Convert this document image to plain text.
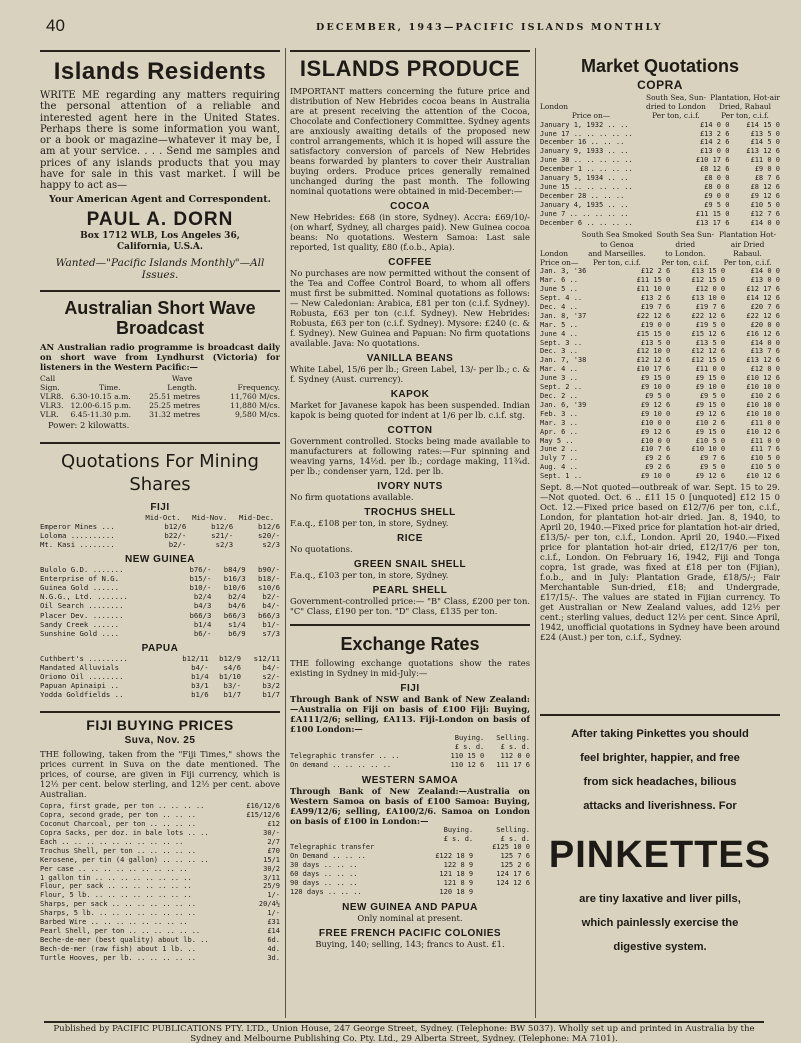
40	DECEMBER, 1943—PACIFIC ISLANDS MONTHLY
Islands Residents

WRITE ME regarding any matters requiring the personal attention of a reliable and interested agent here in the United States. Perhaps there is some information you want, or a book or magazine—whatever it may be, I am at your service. . . . Send me samples and prices of any islands products that you may have for sale in this vast market. I will be happy to act as—

Your American Agent and Correspondent.
PAUL A. DORN
Box 1712 WLB, Los Angeles 36,
California, U.S.A.
Wanted—"Pacific Islands Monthly"—All Issues.
Australian Short Wave
Broadcast

AN Australian radio programme is broadcast daily on short wave from Lyndhurst (Victoria) for listeners in the Western Pacific:—

Call		Wave	
Sign.	Time.	Length.	Frequency.
VLR8.	6.30-10.15 a.m.	25.51 metres	11,760 M/cs.
VLR3.	12.00-6.15 p.m.	25.25 metres	11,880 M/cs.
VLR.	6.45-11.30 p.m.	31.32 metres	9,580 M/cs.

Power: 2 kilowatts.

Quotations For Mining
Shares
FIJI
	Mid-Oct.	Mid-Nov.	Mid-Dec.
Emperor Mines ...	b12/6	b12/6	b12/6
Loloma ..........	b22/-	s21/-	s20/-
Mt. Kasi ........	b2/-	s2/3	s2/3
NEW GUINEA
Bulolo G.D. .......	b76/-	b84/9	b90/-
Enterprise of N.G.	b15/-	b16/3	b18/-
Guinea Gold ......	b10/-	b10/6	s10/6
N.G.G., Ltd. .......	b2/4	b2/4	b2/-
Oil Search ........	b4/3	b4/6	b4/-
Placer Dev. .......	b66/3	b66/3	b66/3
Sandy Creek ......	b1/4	s1/4	b1/-
Sunshine Gold ....	b6/-	b6/9	s7/3
PAPUA
Cuthbert's .........	b12/11	b12/9	s12/11
Mandated Alluvials	b4/-	s4/6	b4/-
Oriomo Oil ........	b1/4	b1/10	s2/-
Papuan Apinaipi ..	b3/1	b3/-	b3/2
Yodda Goldfields ..	b1/6	b1/7	b1/7
FIJI BUYING PRICES
Suva, Nov. 25

THE following, taken from the "Fiji Times," shows the prices current in Suva on the date mentioned. The prices, of course, are given in Fiji currency, which is 12½ per cent. below sterling, and 12½ per cent. above Australian.

Copra, first grade, per ton .. .. .. ..	£16/12/6
Copra, second grade, per ton .. .. ..	£15/12/6
Coconut Charcoal, per ton .. .. .. ..	£12
Copra Sacks, per doz. in bale lots .. ..	30/-
Each .. .. .. .. .. .. .. .. .. ..	2/7
Trochus Shell, per ton .. .. .. .. ..	£70
Kerosene, per tin (4 gallon) .. .. .. ..	15/1
Per case .. .. .. .. .. .. .. .. ..	30/2
1 gallon tin .. .. .. .. .. .. .. ..	3/11
Flour, per sack .. .. .. .. .. .. ..	25/9
Flour, 5 lb. .. .. .. .. .. .. .. ..	1/-
Sharps, per sack .. .. .. .. .. .. ..	20/4½
Sharps, 5 lb. .. .. .. .. .. .. .. ..	1/-
Barbed Wire .. .. .. .. .. .. .. ..	£31
Pearl Shell, per ton .. .. .. .. .. ..	£14
Beche-de-mer (best quality) about lb. ..	6d.
Bech-de-mer (raw fish) about 1 lb. ..	4d.
Turtle Hooves, per lb. .. .. .. .. ..	3d.
ISLANDS PRODUCE

IMPORTANT matters concerning the future price and distribution of New Hebrides cocoa beans in Australia are at present receiving the attention of the Cocoa, Chocolate and Confectionery Committee. Sydney agents are anxiously awaiting details of the proposed new control arrangements, which it is hoped will assure the satisfactory conversion of parcels of New Hebrides beans forwarded by planters to cover their Australian buying orders. Produce prices generally remained unchanged during the past month. The following nominal quotations were obtained in mid-December:—

COCOA

New Hebrides: £68 (in store, Sydney). Accra: £69/10/- (on wharf, Sydney, all charges paid). New Guinea cocoa beans: No quotations. Western Samoa: Last sale reported, 1st quality, £80 (f.o.b., Apia).

COFFEE

No purchases are now permitted without the consent of the Tea and Coffee Control Board, to whom all offers must first be submitted. Nominal quotations as follows:— New Caledonian: Arabica, £81 per ton (c.i.f. Sydney). Robusta, £63 per ton (c.i.f. Sydney). New Hebrides: Robusta, £63 per ton (c.i.f. Sydney). Mysore: £240 (c. & f. Sydney). New Guinea and Papuan: No firm quotations available. Java: No quotations.

VANILLA BEANS

White Label, 15/6 per lb.; Green Label, 13/- per lb.; c. & f. Sydney (Aust. currency).

KAPOK

Market for Javanese kapok has been suspended. Indian kapok is being quoted for indent at 1/6 per lb. c.i.f. stg.

COTTON

Government controlled. Stocks being made available to manufacturers at following rates:—Fur spinning and weaving yarns, 14½d. per lb.; cordage making, 11¾d. per lb.; condenser yarn, 12d. per lb.

IVORY NUTS

No firm quotations available.

TROCHUS SHELL

F.a.q., £108 per ton, in store, Sydney.

RICE

No quotations.

GREEN SNAIL SHELL

F.a.q., £103 per ton, in store, Sydney.

PEARL SHELL

Government-controlled price:— "B" Class, £200 per ton. "C" Class, £190 per ton. "D" Class, £135 per ton.

Exchange Rates

THE following exchange quotations show the rates existing in Sydney in mid-July:—

FIJI

Through Bank of NSW and Bank of New Zealand:—Australia on Fiji on basis of £100 Fiji: Buying, £A111/2/6; selling, £A113. Fiji-London on basis of £100 London:—

	Buying.	Selling.
	£ s. d.	£ s. d.
Telegraphic transfer .. ..	110 15 0	112 0 0
On demand .. .. .. .. ..	110 12 6	111 17 6
WESTERN SAMOA

Through Bank of New Zealand:—Australia on Western Samoa on basis of £100 Samoa: Buying, £A99/12/6; selling, £A100/2/6. Samoa on London on basis of £100 in London:—

	Buying.	Selling.
	£ s. d.	£ s. d.
Telegraphic transfer		£125 10 0
On Demand .. .. ..	£122 18 9	125 7 6
30 days .. .. ..	122 8 9	125 2 6
60 days .. .. ..	121 18 9	124 17 6
90 days .. .. ..	121 8 9	124 12 6
120 days .. .. ..	120 18 9	
NEW GUINEA AND PAPUA

Only nominal at present.

FREE FRENCH PACIFIC COLONIES

Buying, 140; selling, 143; francs to Aust. £1.

Market Quotations
COPRA
London	South Sea, Sun-dried to London	Plantation, Hot-air Dried, Rabaul
Price on—	Per ton, c.i.f.	Per ton, c.i.f.
January 1, 1932 .. ..	£14 0 0	£14 15 0
June 17 .. .. .. .. ..	£13 2 6	£13 5 0
December 16 .. .. ..	£14 2 6	£14 5 0
January 9, 1933 .. ..	£13 0 0	£13 12 6
June 30 .. .. .. .. ..	£10 17 6	£11 0 0
December 1 .. .. .. ..	£8 12 6	£9 0 0
January 5, 1934 .. ..	£8 0 0	£8 7 6
June 15 .. .. .. .. ..	£8 0 0	£8 12 6
December 28 .. .. ..	£9 0 0	£9 12 6
January 4, 1935 .. ..	£9 5 0	£10 5 0
June 7 .. .. .. .. ..	£11 15 0	£12 7 6
December 6 .. .. .. ..	£13 17 6	£14 0 0
	South Sea Smoked to Genoa	South Sea Sun-dried	Plantation Hot-air Dried
London	and Marseilles.	to London.	Rabaul.
Price on—	Per ton, c.i.f.	Per ton, c.i.f.	Per ton, c.i.f.
Jan. 3, '36	£12 2 6	£13 15 0	£14 0 0
Mar. 6 ..	£11 15 0	£12 15 0	£13 0 0
June 5 ..	£11 10 0	£12 0 0	£12 17 6
Sept. 4 ..	£13 2 6	£13 10 0	£14 12 6
Dec. 4 ..	£19 7 6	£19 7 6	£20 7 6
Jan. 8, '37	£22 12 6	£22 12 6	£22 12 6
Mar. 5 ..	£19 0 0	£19 5 0	£20 0 0
June 4 ..	£15 15 0	£15 12 6	£16 12 6
Sept. 3 ..	£13 5 0	£13 5 0	£14 0 0
Dec. 3 ..	£12 10 0	£12 12 6	£13 7 6
Jan. 7, '38	£12 12 6	£12 15 0	£13 12 6
Mar. 4 ..	£10 17 6	£11 0 0	£12 0 0
June 3 ..	£9 15 0	£9 15 0	£10 12 6
Sept. 2 ..	£9 10 0	£9 10 0	£10 10 0
Dec. 2 ..	£9 5 0	£9 5 0	£10 2 6
Jan. 6, '39	£9 12 6	£9 15 0	£10 10 0
Feb. 3 ..	£9 10 0	£9 12 6	£10 10 0
Mar. 3 ..	£10 0 0	£10 2 6	£11 0 0
Apr. 6 ..	£9 12 6	£9 15 0	£10 12 6
May 5 ..	£10 0 0	£10 5 0	£11 0 0
June 2 ..	£10 7 6	£10 10 0	£11 7 6
July 7 ..	£9 2 6	£9 7 6	£10 5 0
Aug. 4 ..	£9 2 6	£9 5 0	£10 5 0
Sept. 1 ..	£9 10 0	£9 12 6	£10 12 6

Sept. 8.—Not quoted—outbreak of war. Sept. 15 to 29.—Not quoted. Oct. 6 .. £11 15 0 [unquoted] £12 15 0 Oct. 12.—Fixed price based on £12/7/6 per ton, c.i.f., London, for plantation hot-air dried. Jan. 8, 1940, to April 20, 1940.—Fixed price for plantation hot-air dried, £13/5/- per ton, c.i.f., London. April 20, 1940.—Fixed price for plantation hot-air dried, £12/17/6 per ton, c.i.f., London. On February 16, 1942, Fiji and Tonga copra, 1st grade, was fixed at £18 per ton (Fijian), f.o.b., and in July: Plantation Grade, £18/5/-; Fair Merchantable Sun-dried, £18; and Undergrade, £17/15/-. The values are stated in Fijian currency. To get Australian or New Zealand values, add 12½ per cent.; sterling values, deduct 12½ per cent. Since April, 1942, unofficial quotations in Sydney have been around £24 (Aust.) per ton, c.i.f., Sydney.

After taking Pinkettes you should
feel brighter, happier, and free
from sick headaches, bilious
attacks and liverishness. For
PINKETTES
are tiny laxative and liver pills,
which painlessly exercise the
digestive system.
Published by PACIFIC PUBLICATIONS PTY. LTD., Union House, 247 George Street, Sydney. (Telephone: BW 5037). Wholly set up and printed in Australia by the Sydney and Melbourne Publishing Co. Pty. Ltd., 29 Alberta Street, Sydney. (Telephone: MA 7101).
